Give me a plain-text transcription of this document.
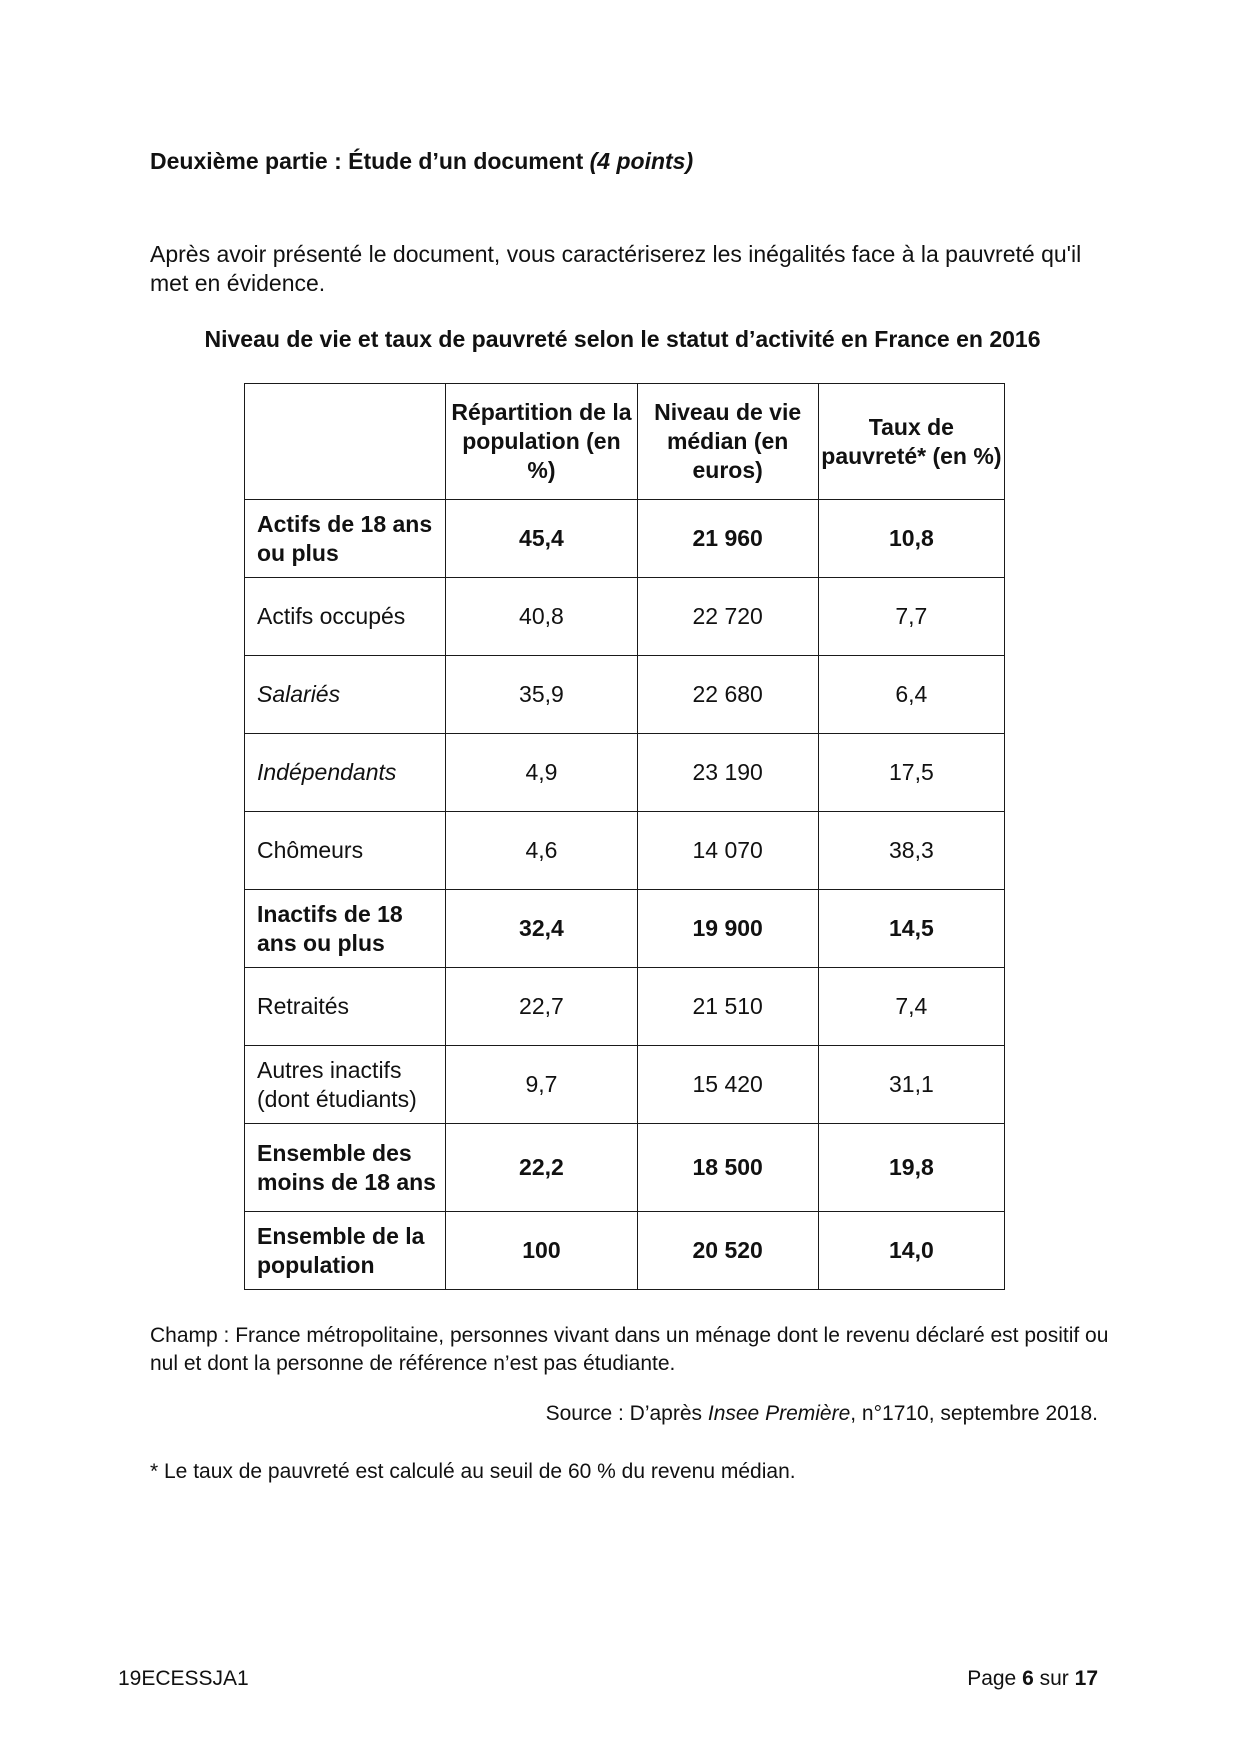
Deuxième partie : Étude d’un document (4 points)
Après avoir présenté le document, vous caractériserez les inégalités face à la pauvreté qu'il met en évidence.
Niveau de vie et taux de pauvreté selon le statut d’activité en France en 2016
	Répartition de la population (en %)	Niveau de vie médian (en euros)	Taux de pauvreté* (en %)
Actifs de 18 ans ou plus	45,4	21 960	10,8
Actifs occupés	40,8	22 720	7,7
Salariés	35,9	22 680	6,4
Indépendants	4,9	23 190	17,5
Chômeurs	4,6	14 070	38,3
Inactifs de 18 ans ou plus	32,4	19 900	14,5
Retraités	22,7	21 510	7,4
Autres inactifs (dont étudiants)	9,7	15 420	31,1
Ensemble des moins de 18 ans	22,2	18 500	19,8
Ensemble de la population	100	20 520	14,0
Champ : France métropolitaine, personnes vivant dans un ménage dont le revenu déclaré est positif ou nul et dont la personne de référence n’est pas étudiante.
Source : D’après Insee Première, n°1710, septembre 2018.
* Le taux de pauvreté est calculé au seuil de 60 % du revenu médian.
19ECESSJA1	Page 6 sur 17
